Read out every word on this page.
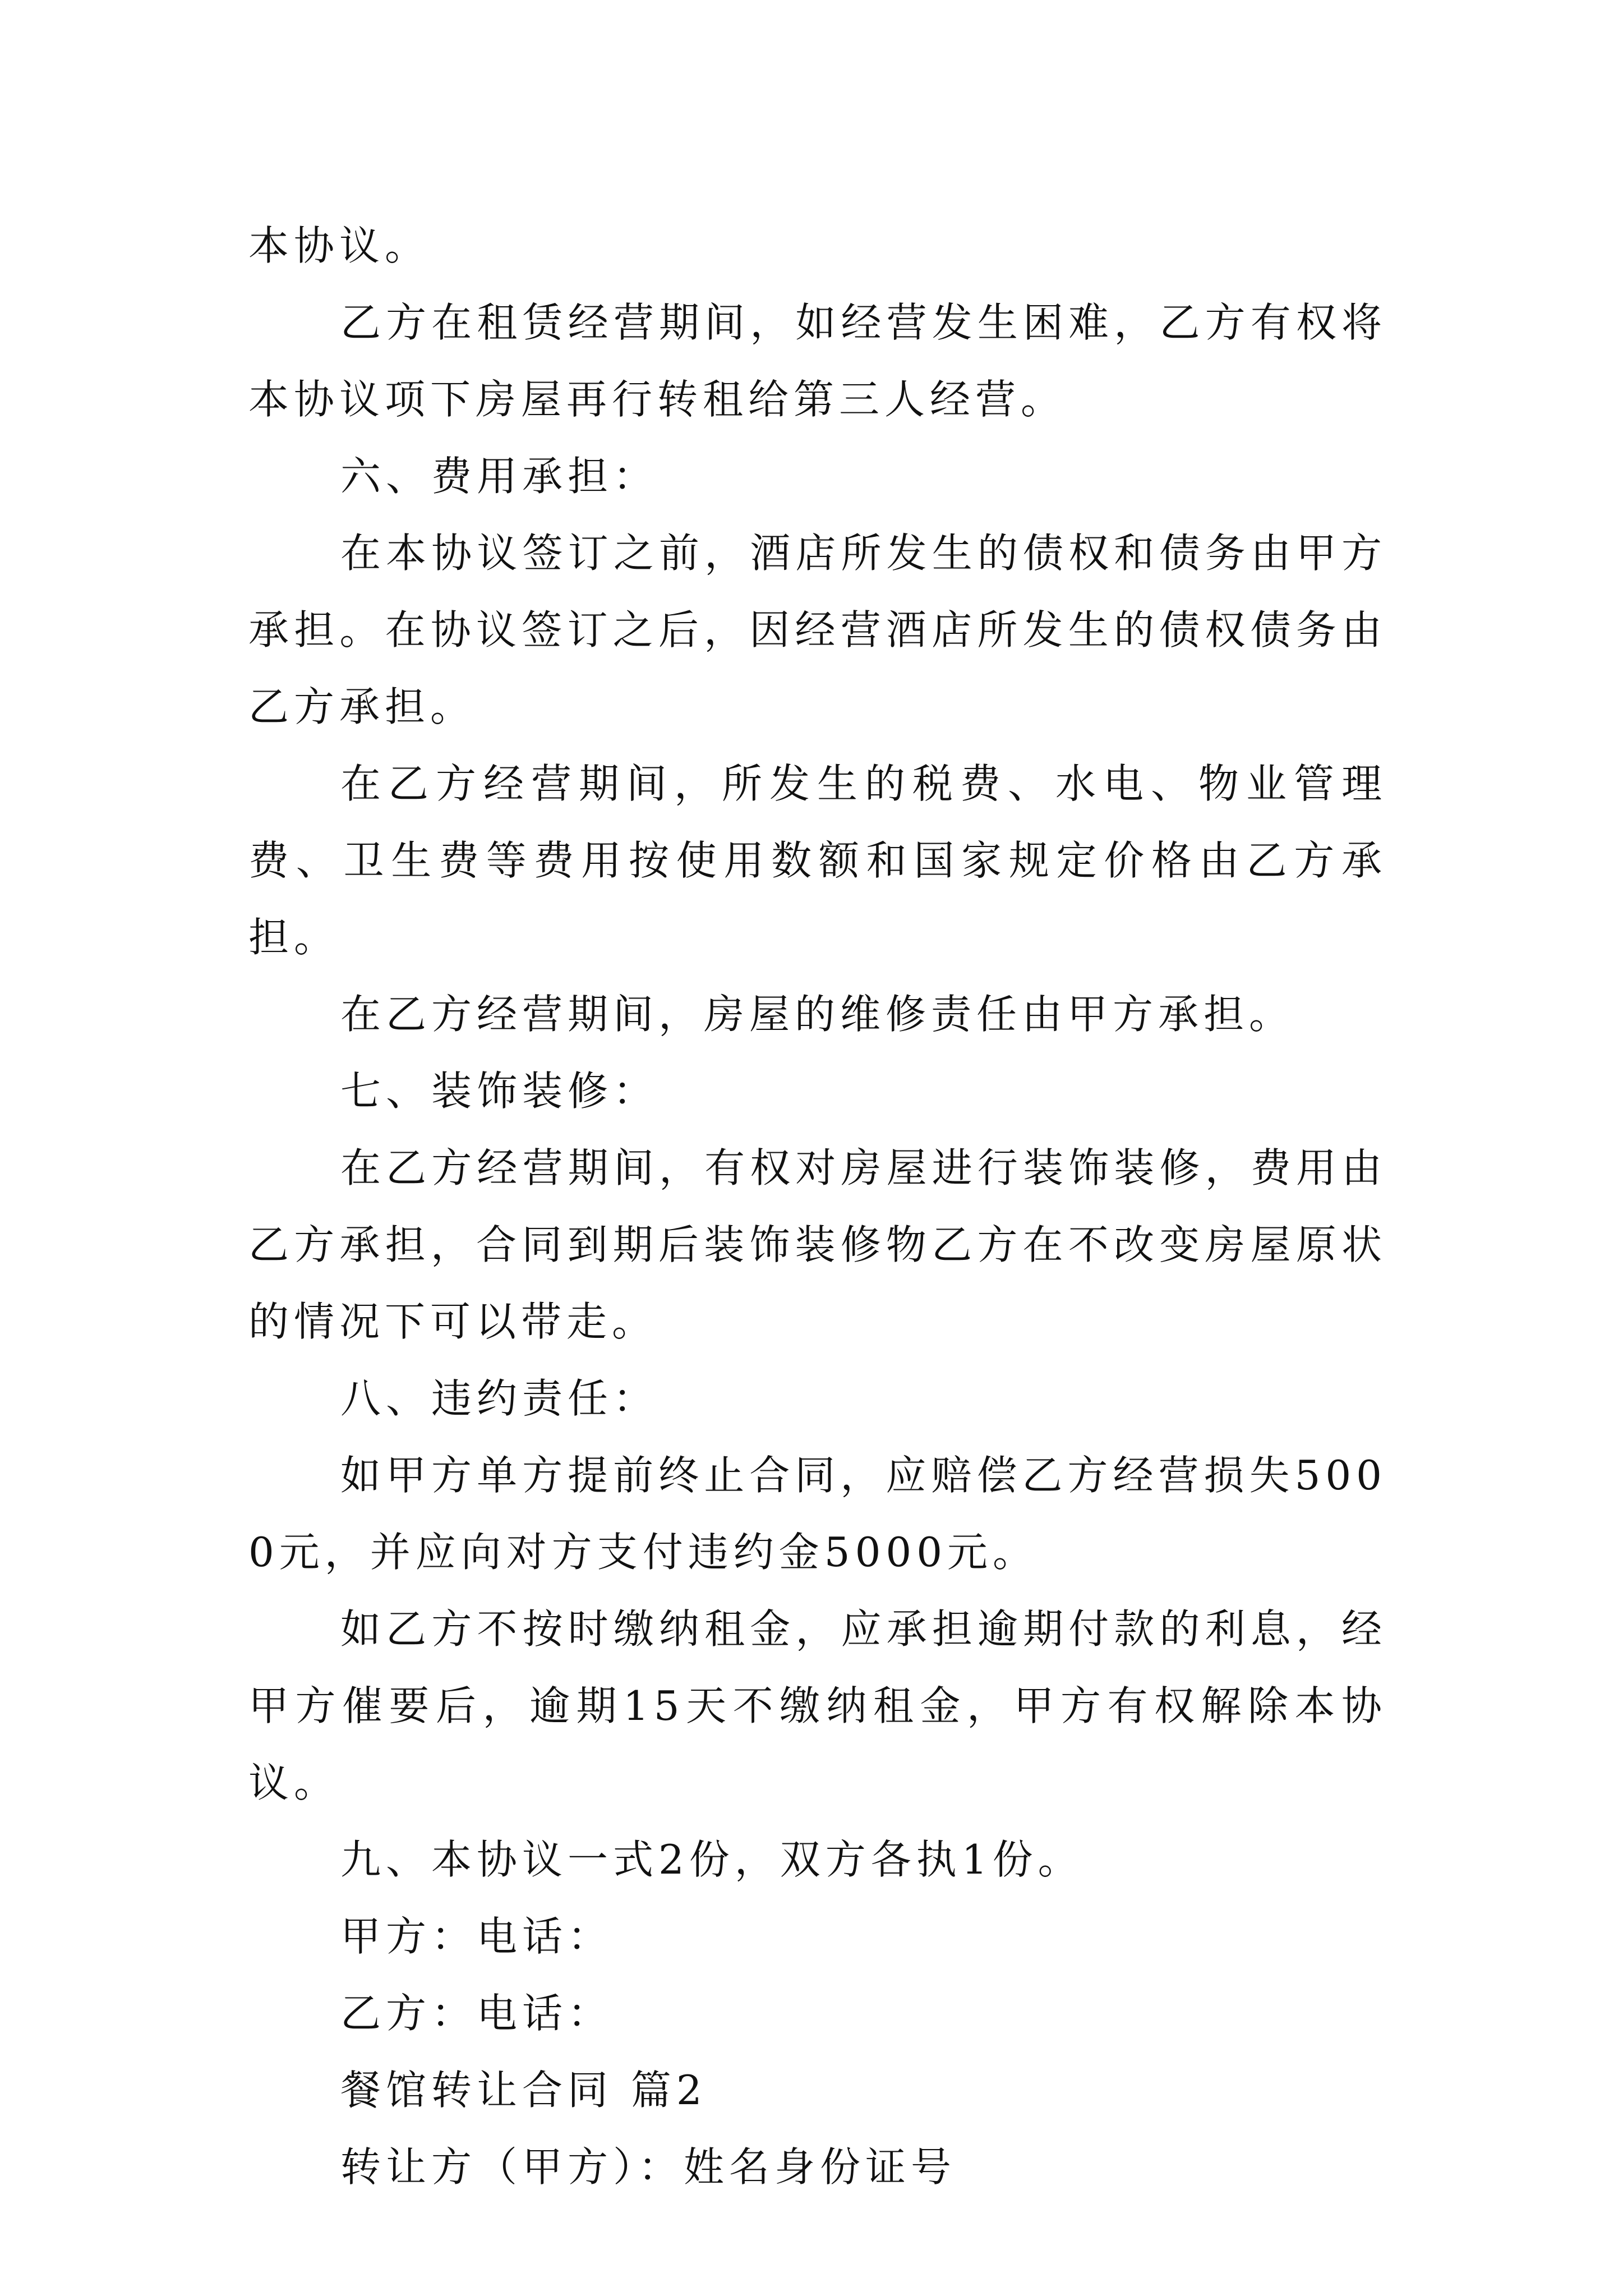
本协议。

乙方在租赁经营期间，如经营发生困难，乙方有权将本协议项下房屋再行转租给第三人经营。

六、费用承担：

在本协议签订之前，酒店所发生的债权和债务由甲方承担。在协议签订之后，因经营酒店所发生的债权债务由乙方承担。

在乙方经营期间，所发生的税费、水电、物业管理费、卫生费等费用按使用数额和国家规定价格由乙方承担。

在乙方经营期间，房屋的维修责任由甲方承担。

七、装饰装修：

在乙方经营期间，有权对房屋进行装饰装修，费用由乙方承担，合同到期后装饰装修物乙方在不改变房屋原状的情况下可以带走。

八、违约责任：

如甲方单方提前终止合同，应赔偿乙方经营损失5000元，并应向对方支付违约金5000元。

如乙方不按时缴纳租金，应承担逾期付款的利息，经甲方催要后，逾期15天不缴纳租金，甲方有权解除本协议。

九、本协议一式2份，双方各执1份。

甲方：电话：

乙方：电话：

餐馆转让合同 篇2

转让方（甲方）：姓名身份证号
